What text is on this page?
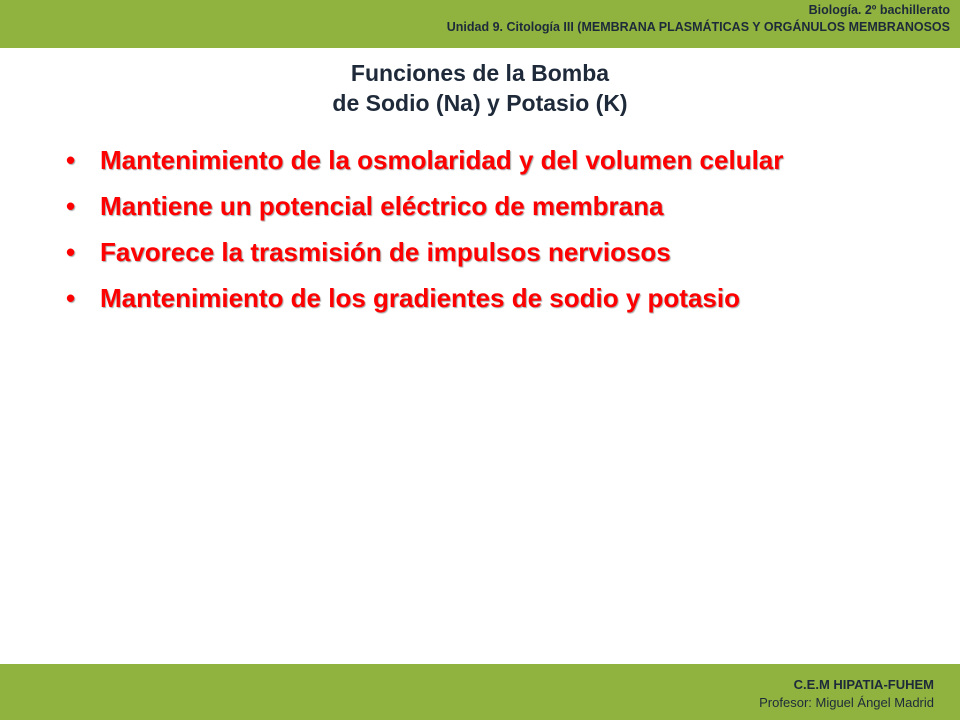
Biología. 2º bachillerato
Unidad 9. Citología III (MEMBRANA PLASMÁTICAS Y ORGÁNULOS MEMBRANOSOS
Funciones de la Bomba
de Sodio (Na) y Potasio (K)
• Mantenimiento de la osmolaridad y del volumen celular
• Mantiene un potencial eléctrico de membrana
• Favorece la trasmisión de impulsos nerviosos
• Mantenimiento de los gradientes de sodio y potasio
C.E.M HIPATIA-FUHEM
Profesor: Miguel Ángel Madrid
